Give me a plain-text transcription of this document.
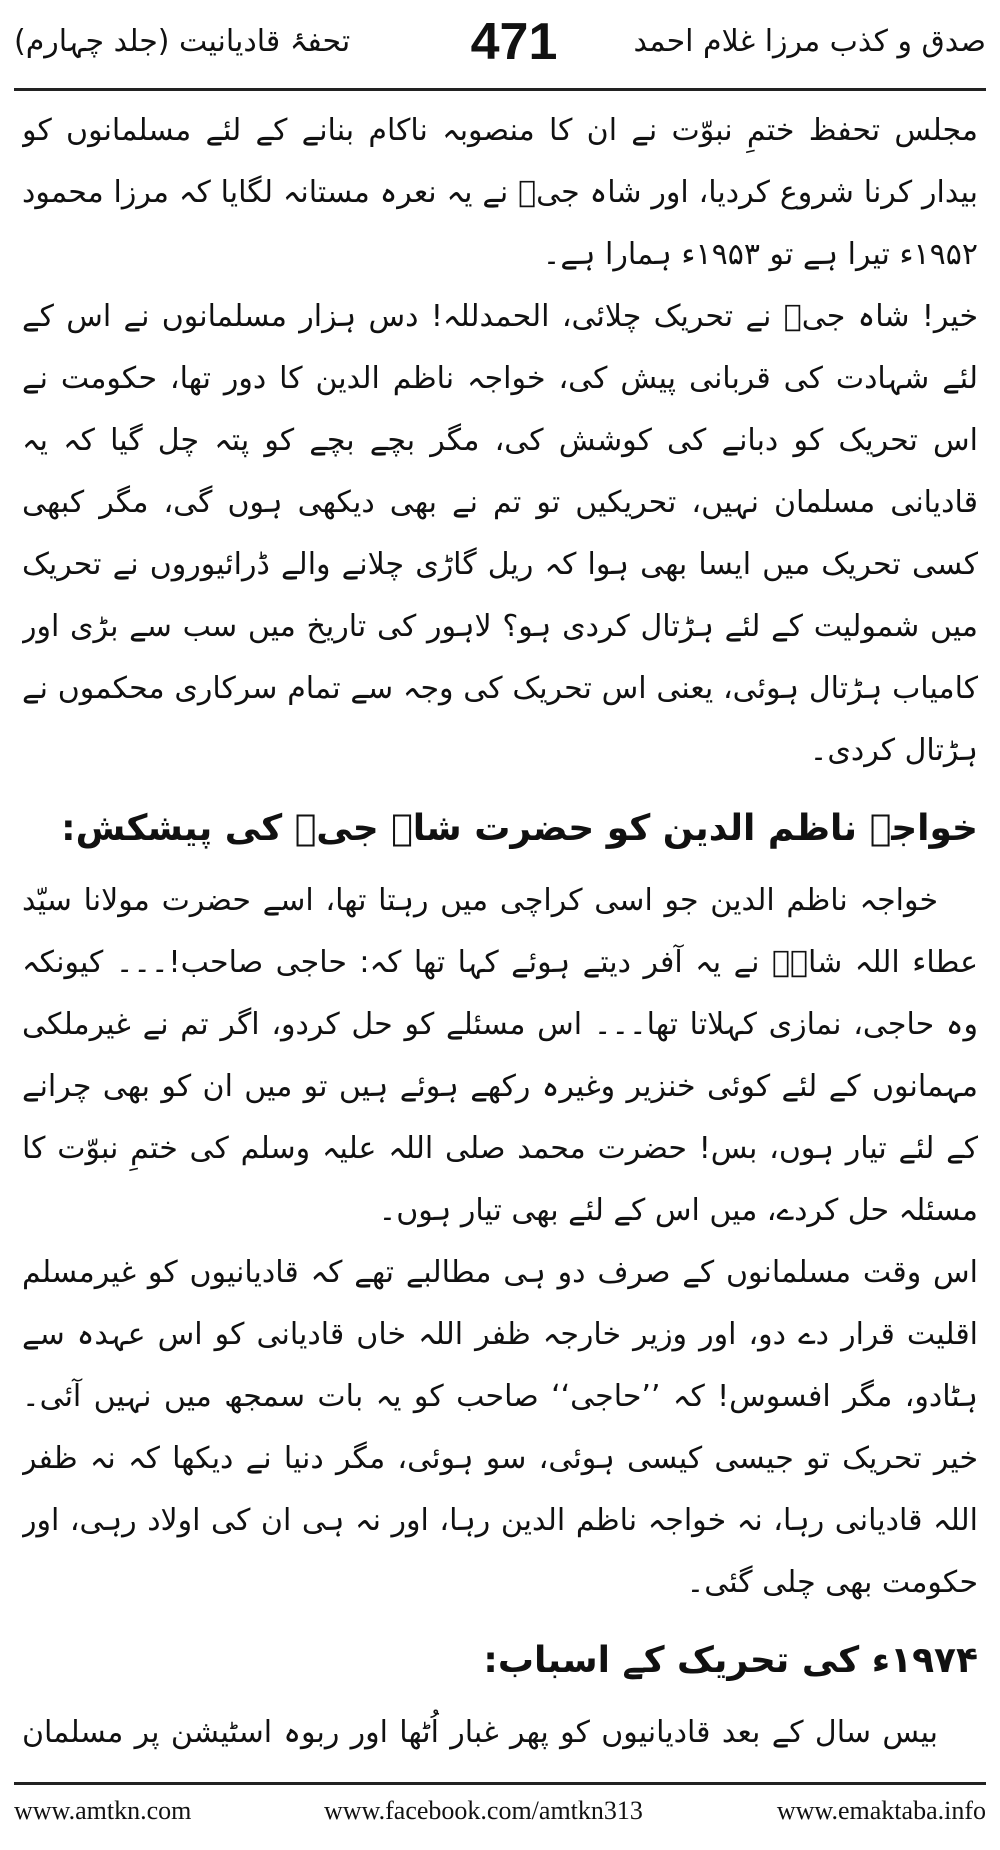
تحفۂ قادیانیت (جلد چہارم)	471	صدق و کذب مرزا غلام احمد

مجلس تحفظ ختمِ نبوّت نے ان کا منصوبہ ناکام بنانے کے لئے مسلمانوں کو بیدار کرنا شروع کردیا، اور شاہ جیؒ نے یہ نعرہ مستانہ لگایا کہ مرزا محمود ۱۹۵۲ء تیرا ہے تو ۱۹۵۳ء ہمارا ہے۔

خیر! شاہ جیؒ نے تحریک چلائی، الحمدللہ! دس ہزار مسلمانوں نے اس کے لئے شہادت کی قربانی پیش کی، خواجہ ناظم الدین کا دور تھا، حکومت نے اس تحریک کو دبانے کی کوشش کی، مگر بچے بچے کو پتہ چل گیا کہ یہ قادیانی مسلمان نہیں، تحریکیں تو تم نے بھی دیکھی ہوں گی، مگر کبھی کسی تحریک میں ایسا بھی ہوا کہ ریل گاڑی چلانے والے ڈرائیوروں نے تحریک میں شمولیت کے لئے ہڑتال کردی ہو؟ لاہور کی تاریخ میں سب سے بڑی اور کامیاب ہڑتال ہوئی، یعنی اس تحریک کی وجہ سے تمام سرکاری محکموں نے ہڑتال کردی۔

خواجہ ناظم الدین کو حضرت شاہ جیؒ کی پیشکش:

خواجہ ناظم الدین جو اسی کراچی میں رہتا تھا، اسے حضرت مولانا سیّد عطاء اللہ شاہؒ نے یہ آفر دیتے ہوئے کہا تھا کہ: حاجی صاحب!۔۔۔ کیونکہ وہ حاجی، نمازی کہلاتا تھا۔۔۔ اس مسئلے کو حل کردو، اگر تم نے غیرملکی مہمانوں کے لئے کوئی خنزیر وغیرہ رکھے ہوئے ہیں تو میں ان کو بھی چرانے کے لئے تیار ہوں، بس! حضرت محمد صلی اللہ علیہ وسلم کی ختمِ نبوّت کا مسئلہ حل کردے، میں اس کے لئے بھی تیار ہوں۔

اس وقت مسلمانوں کے صرف دو ہی مطالبے تھے کہ قادیانیوں کو غیرمسلم اقلیت قرار دے دو، اور وزیر خارجہ ظفر اللہ خاں قادیانی کو اس عہدہ سے ہٹادو، مگر افسوس! کہ ’’حاجی‘‘ صاحب کو یہ بات سمجھ میں نہیں آئی۔ خیر تحریک تو جیسی کیسی ہوئی، سو ہوئی، مگر دنیا نے دیکھا کہ نہ ظفر اللہ قادیانی رہا، نہ خواجہ ناظم الدین رہا، اور نہ ہی ان کی اولاد رہی، اور حکومت بھی چلی گئی۔

۱۹۷۴ء کی تحریک کے اسباب:

بیس سال کے بعد قادیانیوں کو پھر غبار اُٹھا اور ربوہ اسٹیشن پر مسلمان

www.amtkn.com	www.facebook.com/amtkn313	www.emaktaba.info
